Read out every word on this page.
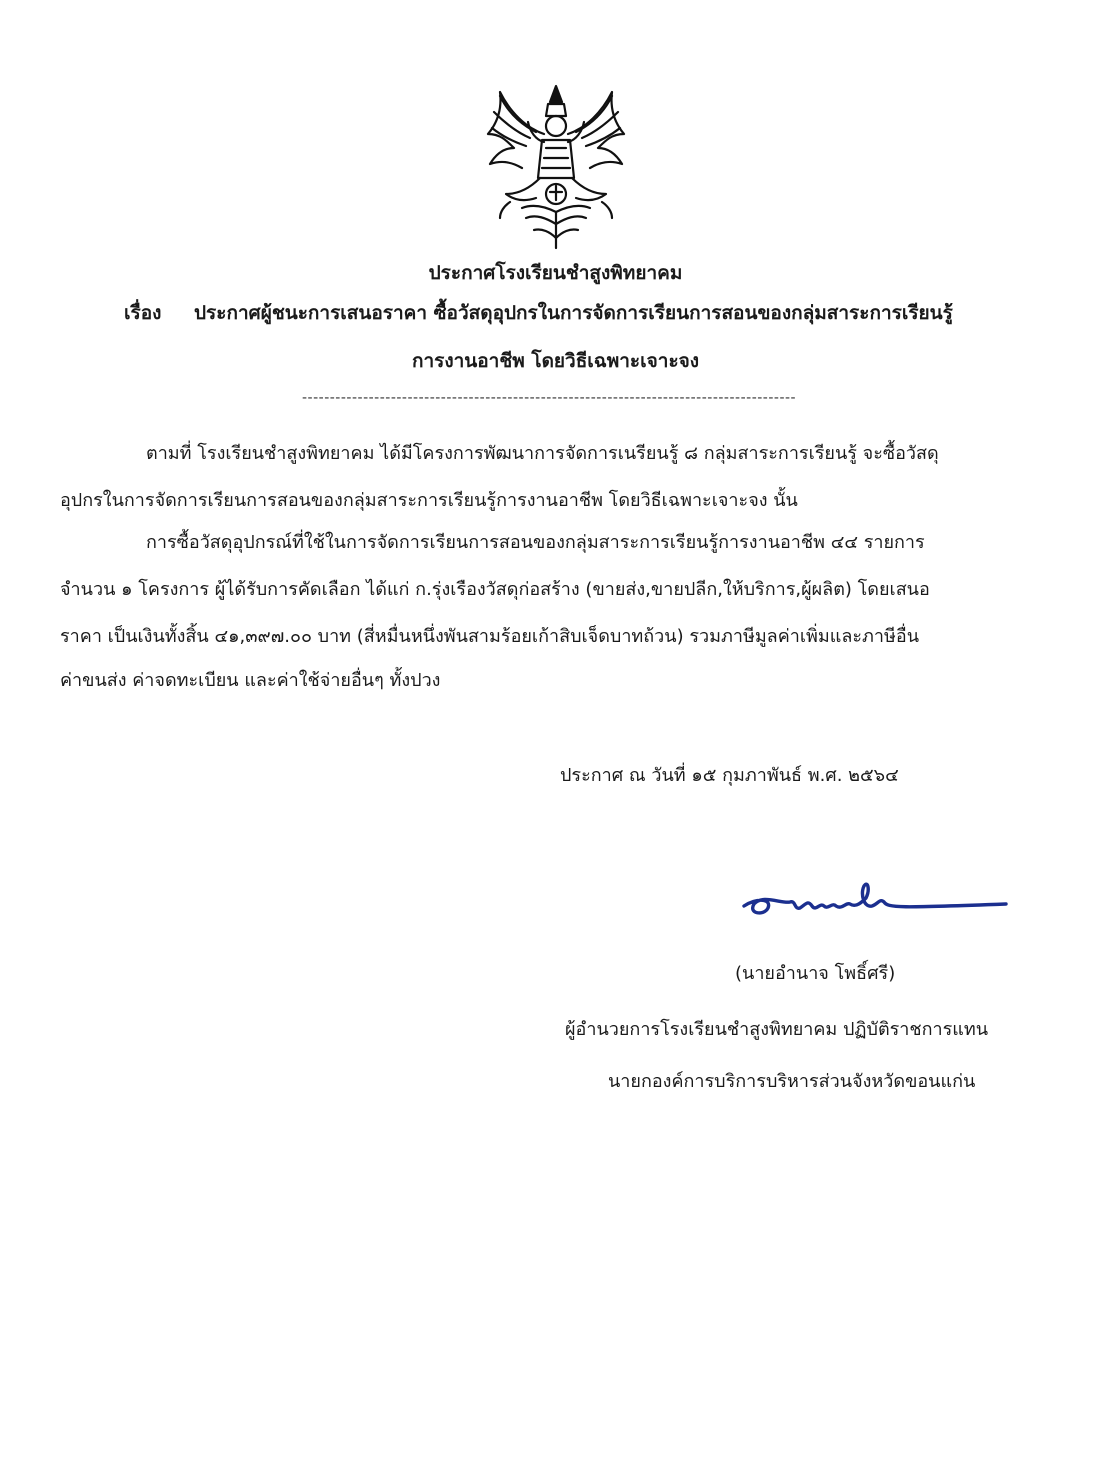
ประกาศโรงเรียนชำสูงพิทยาคม
เรื่อง ประกาศผู้ชนะการเสนอราคา ซื้อวัสดุอุปกรในการจัดการเรียนการสอนของกลุ่มสาระการเรียนรู้
การงานอาชีพ โดยวิธีเฉพาะเจาะจง
-----------------------------------------------------------------------------------------
ตามที่ โรงเรียนชำสูงพิทยาคม ได้มีโครงการพัฒนาการจัดการเนรียนรู้ ๘ กลุ่มสาระการเรียนรู้ จะซื้อวัสดุ
อุปกรในการจัดการเรียนการสอนของกลุ่มสาระการเรียนรู้การงานอาชีพ โดยวิธีเฉพาะเจาะจง นั้น
การซื้อวัสดุอุปกรณ์ที่ใช้ในการจัดการเรียนการสอนของกลุ่มสาระการเรียนรู้การงานอาชีพ ๔๔ รายการ
จำนวน ๑ โครงการ ผู้ได้รับการคัดเลือก ได้แก่ ก.รุ่งเรืองวัสดุก่อสร้าง (ขายส่ง,ขายปลีก,ให้บริการ,ผู้ผลิต) โดยเสนอ
ราคา เป็นเงินทั้งสิ้น ๔๑,๓๙๗.๐๐ บาท (สี่หมื่นหนึ่งพันสามร้อยเก้าสิบเจ็ดบาทถ้วน) รวมภาษีมูลค่าเพิ่มและภาษีอื่น
ค่าขนส่ง ค่าจดทะเบียน และค่าใช้จ่ายอื่นๆ ทั้งปวง
ประกาศ ณ วันที่ ๑๕ กุมภาพันธ์ พ.ศ. ๒๕๖๔
(นายอำนาจ โพธิ์ศรี)
ผู้อำนวยการโรงเรียนชำสูงพิทยาคม ปฏิบัติราชการแทน
นายกองค์การบริการบริหารส่วนจังหวัดขอนแก่น
